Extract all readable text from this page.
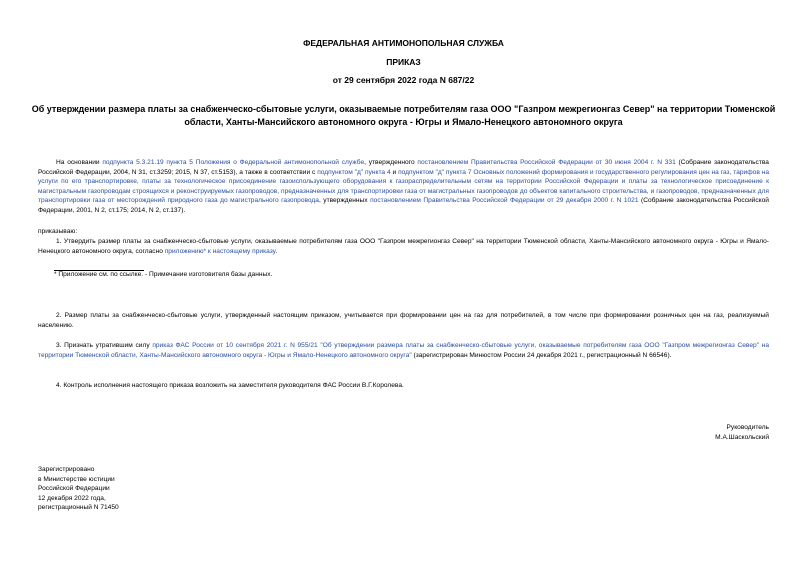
ФЕДЕРАЛЬНАЯ АНТИМОНОПОЛЬНАЯ СЛУЖБА

ПРИКАЗ

от 29 сентября 2022 года N 687/22

Об утверждении размера платы за снабженческо-сбытовые услуги, оказываемые потребителям газа ООО "Газпром межрегионгаз Север" на территории Тюменской области, Ханты-Мансийского автономного округа - Югры и Ямало-Ненецкого автономного округа

На основании подпункта 5.3.21.19 пункта 5 Положения о Федеральной антимонопольной службе, утвержденного постановлением Правительства Российской Федерации от 30 июня 2004 г. N 331 (Собрание законодательства Российской Федерации, 2004, N 31, ст.3259; 2015, N 37, ст.5153), а также в соответствии с подпунктом "д" пункта 4 и подпунктом "д" пункта 7 Основных положений формирования и государственного регулирования цен на газ, тарифов на услуги по его транспортировке, платы за технологическое присоединение газоиспользующего оборудования к газораспределительным сетям на территории Российской Федерации и платы за технологическое присоединение к магистральным газопроводам строящихся и реконструируемых газопроводов, предназначенных для транспортировки газа от магистральных газопроводов до объектов капитального строительства, и газопроводов, предназначенных для транспортировки газа от месторождений природного газа до магистрального газопровода, утвержденных постановлением Правительства Российской Федерации от 29 декабря 2000 г. N 1021 (Собрание законодательства Российской Федерации, 2001, N 2, ст.175; 2014, N 2, ст.137).

приказываю:

1. Утвердить размер платы за снабженческо-сбытовые услуги, оказываемые потребителям газа ООО "Газпром межрегионгаз Север" на территории Тюменской области, Ханты-Мансийского автономного округа - Югры и Ямало-Ненецкого автономного округа, согласно приложению* к настоящему приказу.

* Приложение см. по ссылке. - Примечание изготовителя базы данных.

2. Размер платы за снабженческо-сбытовые услуги, утвержденный настоящим приказом, учитывается при формировании цен на газ для потребителей, в том числе при формировании розничных цен на газ, реализуемый населению.

3. Признать утратившим силу приказ ФАС России от 10 сентября 2021 г. N 955/21 "Об утверждении размера платы за снабженческо-сбытовые услуги, оказываемые потребителям газа ООО "Газпром межрегионгаз Север" на территории Тюменской области, Ханты-Мансийского автономного округа - Югры и Ямало-Ненецкого автономного округа" (зарегистрирован Минюстом России 24 декабря 2021 г., регистрационный N 66546).

4. Контроль исполнения настоящего приказа возложить на заместителя руководителя ФАС России В.Г.Королева.

Руководитель
М.А.Шаскольский
Зарегистрировано
в Министерстве юстиции
Российской Федерации
12 декабря 2022 года,
регистрационный N 71450
